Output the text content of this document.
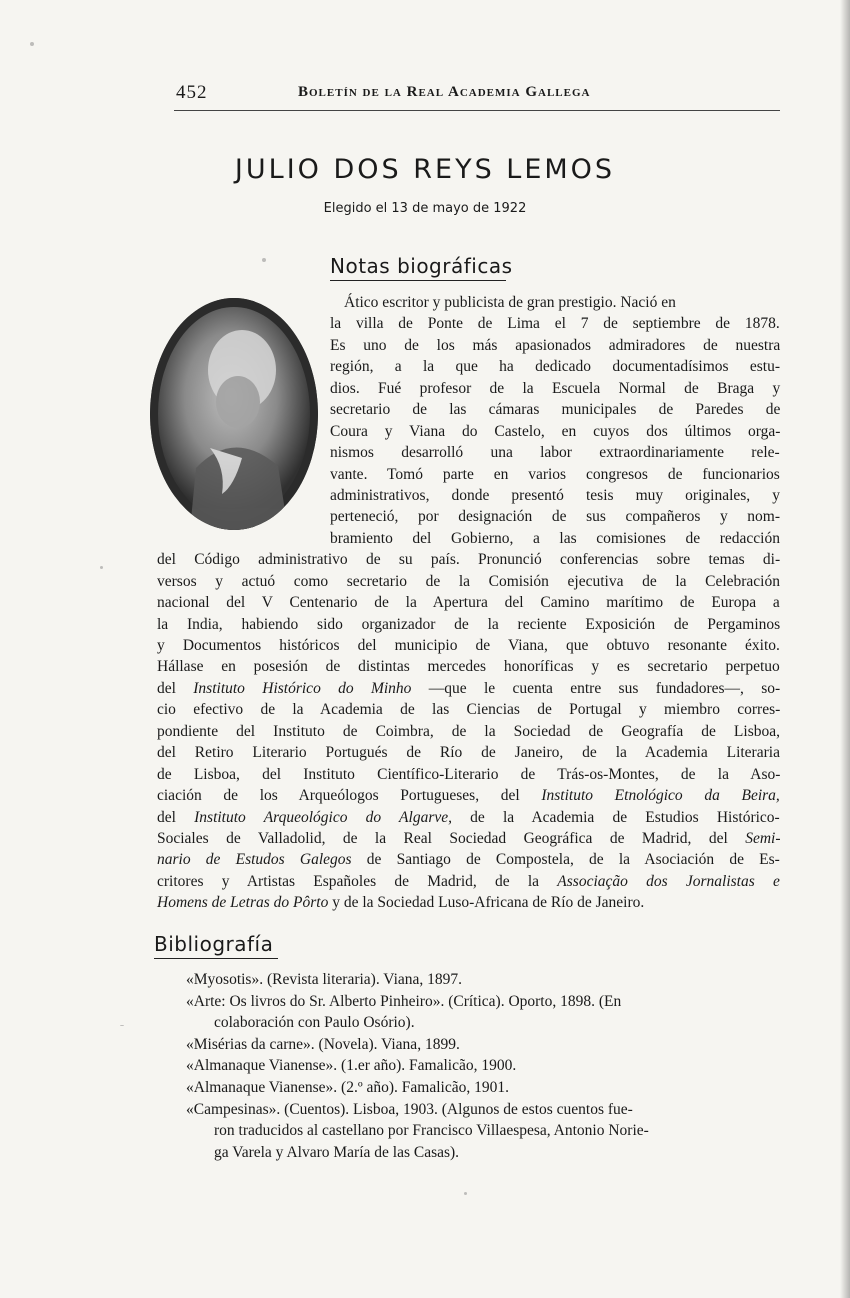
452	Boletín de la Real Academia Gallega
JULIO DOS REYS LEMOS
Elegido el 13 de mayo de 1922
Notas biográficas
Ático escritor y publicista de gran prestigio. Nació en
la villa de Ponte de Lima el 7 de septiembre de 1878.
Es uno de los más apasionados admiradores de nuestra
región, a la que ha dedicado documentadísimos estu-
dios. Fué profesor de la Escuela Normal de Braga y
secretario de las cámaras municipales de Paredes de
Coura y Viana do Castelo, en cuyos dos últimos orga-
nismos desarrolló una labor extraordinariamente rele-
vante. Tomó parte en varios congresos de funcionarios
administrativos, donde presentó tesis muy originales, y
perteneció, por designación de sus compañeros y nom-
bramiento del Gobierno, a las comisiones de redacción
del Código administrativo de su país. Pronunció conferencias sobre temas di-
versos y actuó como secretario de la Comisión ejecutiva de la Celebración
nacional del V Centenario de la Apertura del Camino marítimo de Europa a
la India, habiendo sido organizador de la reciente Exposición de Pergaminos
y Documentos históricos del municipio de Viana, que obtuvo resonante éxito.
Hállase en posesión de distintas mercedes honoríficas y es secretario perpetuo
del Instituto Histórico do Minho —que le cuenta entre sus fundadores—, so-
cio efectivo de la Academia de las Ciencias de Portugal y miembro corres-
pondiente del Instituto de Coimbra, de la Sociedad de Geografía de Lisboa,
del Retiro Literario Portugués de Río de Janeiro, de la Academia Literaria
de Lisboa, del Instituto Científico-Literario de Trás-os-Montes, de la Aso-
ciación de los Arqueólogos Portugueses, del Instituto Etnológico da Beira,
del Instituto Arqueológico do Algarve, de la Academia de Estudios Histórico-
Sociales de Valladolid, de la Real Sociedad Geográfica de Madrid, del Semi-
nario de Estudos Galegos de Santiago de Compostela, de la Asociación de Es-
critores y Artistas Españoles de Madrid, de la Associação dos Jornalistas e
Homens de Letras do Pôrto y de la Sociedad Luso-Africana de Río de Janeiro.
Bibliografía
«Myosotis». (Revista literaria). Viana, 1897.
«Arte: Os livros do Sr. Alberto Pinheiro». (Crítica). Oporto, 1898. (En
colaboración con Paulo Osório).
«Misérias da carne». (Novela). Viana, 1899.
«Almanaque Vianense». (1.er año). Famalicão, 1900.
«Almanaque Vianense». (2.º año). Famalicão, 1901.
«Campesinas». (Cuentos). Lisboa, 1903. (Algunos de estos cuentos fue-
ron traducidos al castellano por Francisco Villaespesa, Antonio Norie-
ga Varela y Alvaro María de las Casas).
